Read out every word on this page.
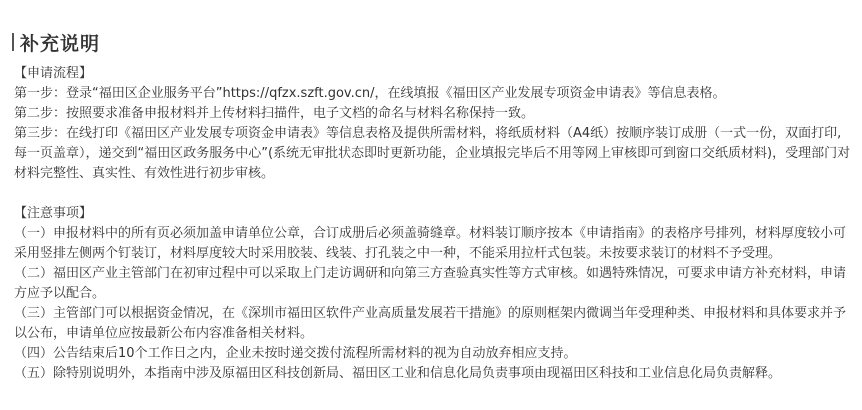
补充说明

【申请流程】

第一步：登录“福田区企业服务平台”https://qfzx.szft.gov.cn/，在线填报《福田区产业发展专项资金申请表》等信息表格。

第二步：按照要求准备申报材料并上传材料扫描件，电子文档的命名与材料名称保持一致。

第三步：在线打印《福田区产业发展专项资金申请表》等信息表格及提供所需材料，将纸质材料（A4纸）按顺序装订成册（一式一份，双面打印,每一页盖章），递交到“福田区政务服务中心”(系统无审批状态即时更新功能，企业填报完毕后不用等网上审核即可到窗口交纸质材料)，受理部门对材料完整性、真实性、有效性进行初步审核。

【注意事项】

（一）申报材料中的所有页必须加盖申请单位公章，合订成册后必须盖骑缝章。材料装订顺序按本《申请指南》的表格序号排列，材料厚度较小可采用竖排左侧两个钉装订，材料厚度较大时采用胶装、线装、打孔装之中一种，不能采用拉杆式包装。未按要求装订的材料不予受理。

（二）福田区产业主管部门在初审过程中可以采取上门走访调研和向第三方查验真实性等方式审核。如遇特殊情况，可要求申请方补充材料，申请方应予以配合。

（三）主管部门可以根据资金情况，在《深圳市福田区软件产业高质量发展若干措施》的原则框架内微调当年受理种类、申报材料和具体要求并予以公布，申请单位应按最新公布内容准备相关材料。

（四）公告结束后10个工作日之内，企业未按时递交拨付流程所需材料的视为自动放弃相应支持。

（五）除特别说明外，本指南中涉及原福田区科技创新局、福田区工业和信息化局负责事项由现福田区科技和工业信息化局负责解释。
